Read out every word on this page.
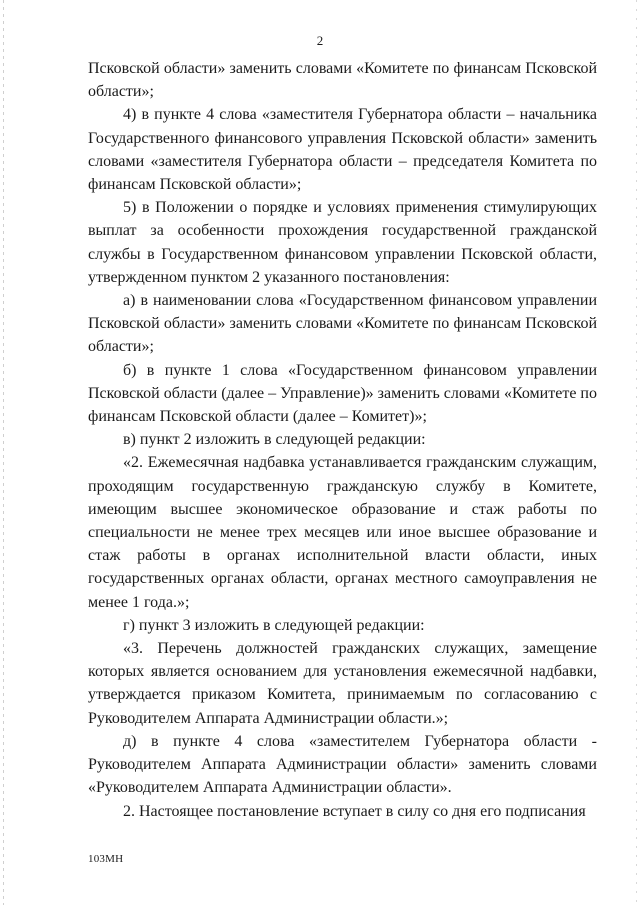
2

Псковской области» заменить словами «Комитете по финансам Псковской области»;

4) в пункте 4 слова «заместителя Губернатора области – начальника Государственного финансового управления Псковской области» заменить словами «заместителя Губернатора области – председателя Комитета по финансам Псковской области»;

5) в Положении о порядке и условиях применения стимулирующих выплат за особенности прохождения государственной гражданской службы в Государственном финансовом управлении Псковской области, утвержденном пунктом 2 указанного постановления:

а) в наименовании слова «Государственном финансовом управлении Псковской области» заменить словами «Комитете по финансам Псковской области»;

б) в пункте 1 слова «Государственном финансовом управлении Псковской области (далее – Управление)» заменить словами «Комитете по финансам Псковской области (далее – Комитет)»;

в) пункт 2 изложить в следующей редакции:

«2. Ежемесячная надбавка устанавливается гражданским служащим, проходящим государственную гражданскую службу в Комитете, имеющим высшее экономическое образование и стаж работы по специальности не менее трех месяцев или иное высшее образование и стаж работы в органах исполнительной власти области, иных государственных органах области, органах местного самоуправления не менее 1 года.»;

г) пункт 3 изложить в следующей редакции:

«3. Перечень должностей гражданских служащих, замещение которых является основанием для установления ежемесячной надбавки, утверждается приказом Комитета, принимаемым по согласованию с Руководителем Аппарата Администрации области.»;

д) в пункте 4 слова «заместителем Губернатора области - Руководителем Аппарата Администрации области» заменить словами «Руководителем Аппарата Администрации области».

2. Настоящее постановление вступает в силу со дня его подписания

103МН
